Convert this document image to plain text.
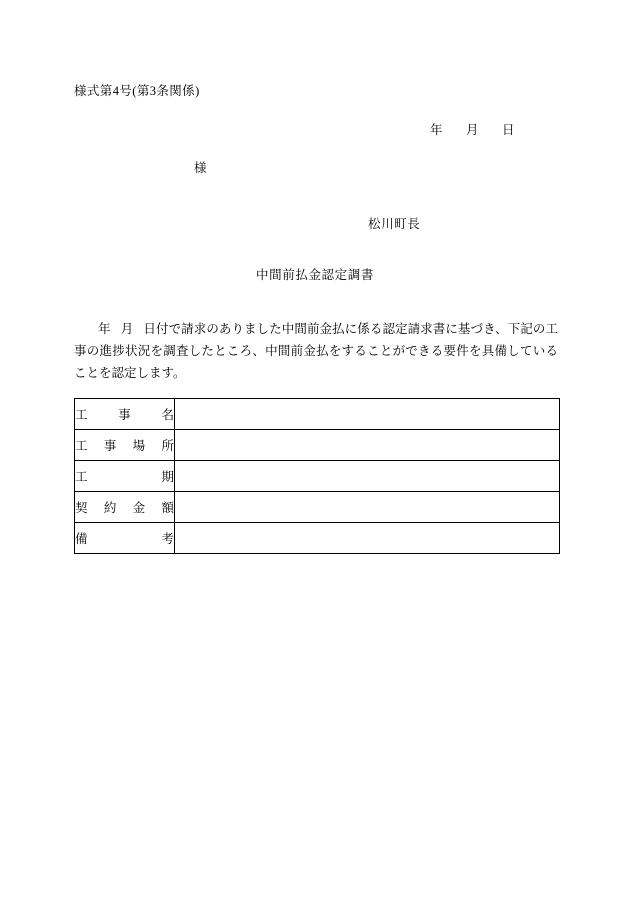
様式第4号(第3条関係)
年 月 日
様
松川町長
中間前払金認定調書
年 月 日付で請求のありました中間前金払に係る認定請求書に基づき、下記の工事の進捗状況を調査したところ、中間前金払をすることができる要件を具備していることを認定します。
工 事 名	

工 事 場 所	

工 期	

契 約 金 額	

備 考	
